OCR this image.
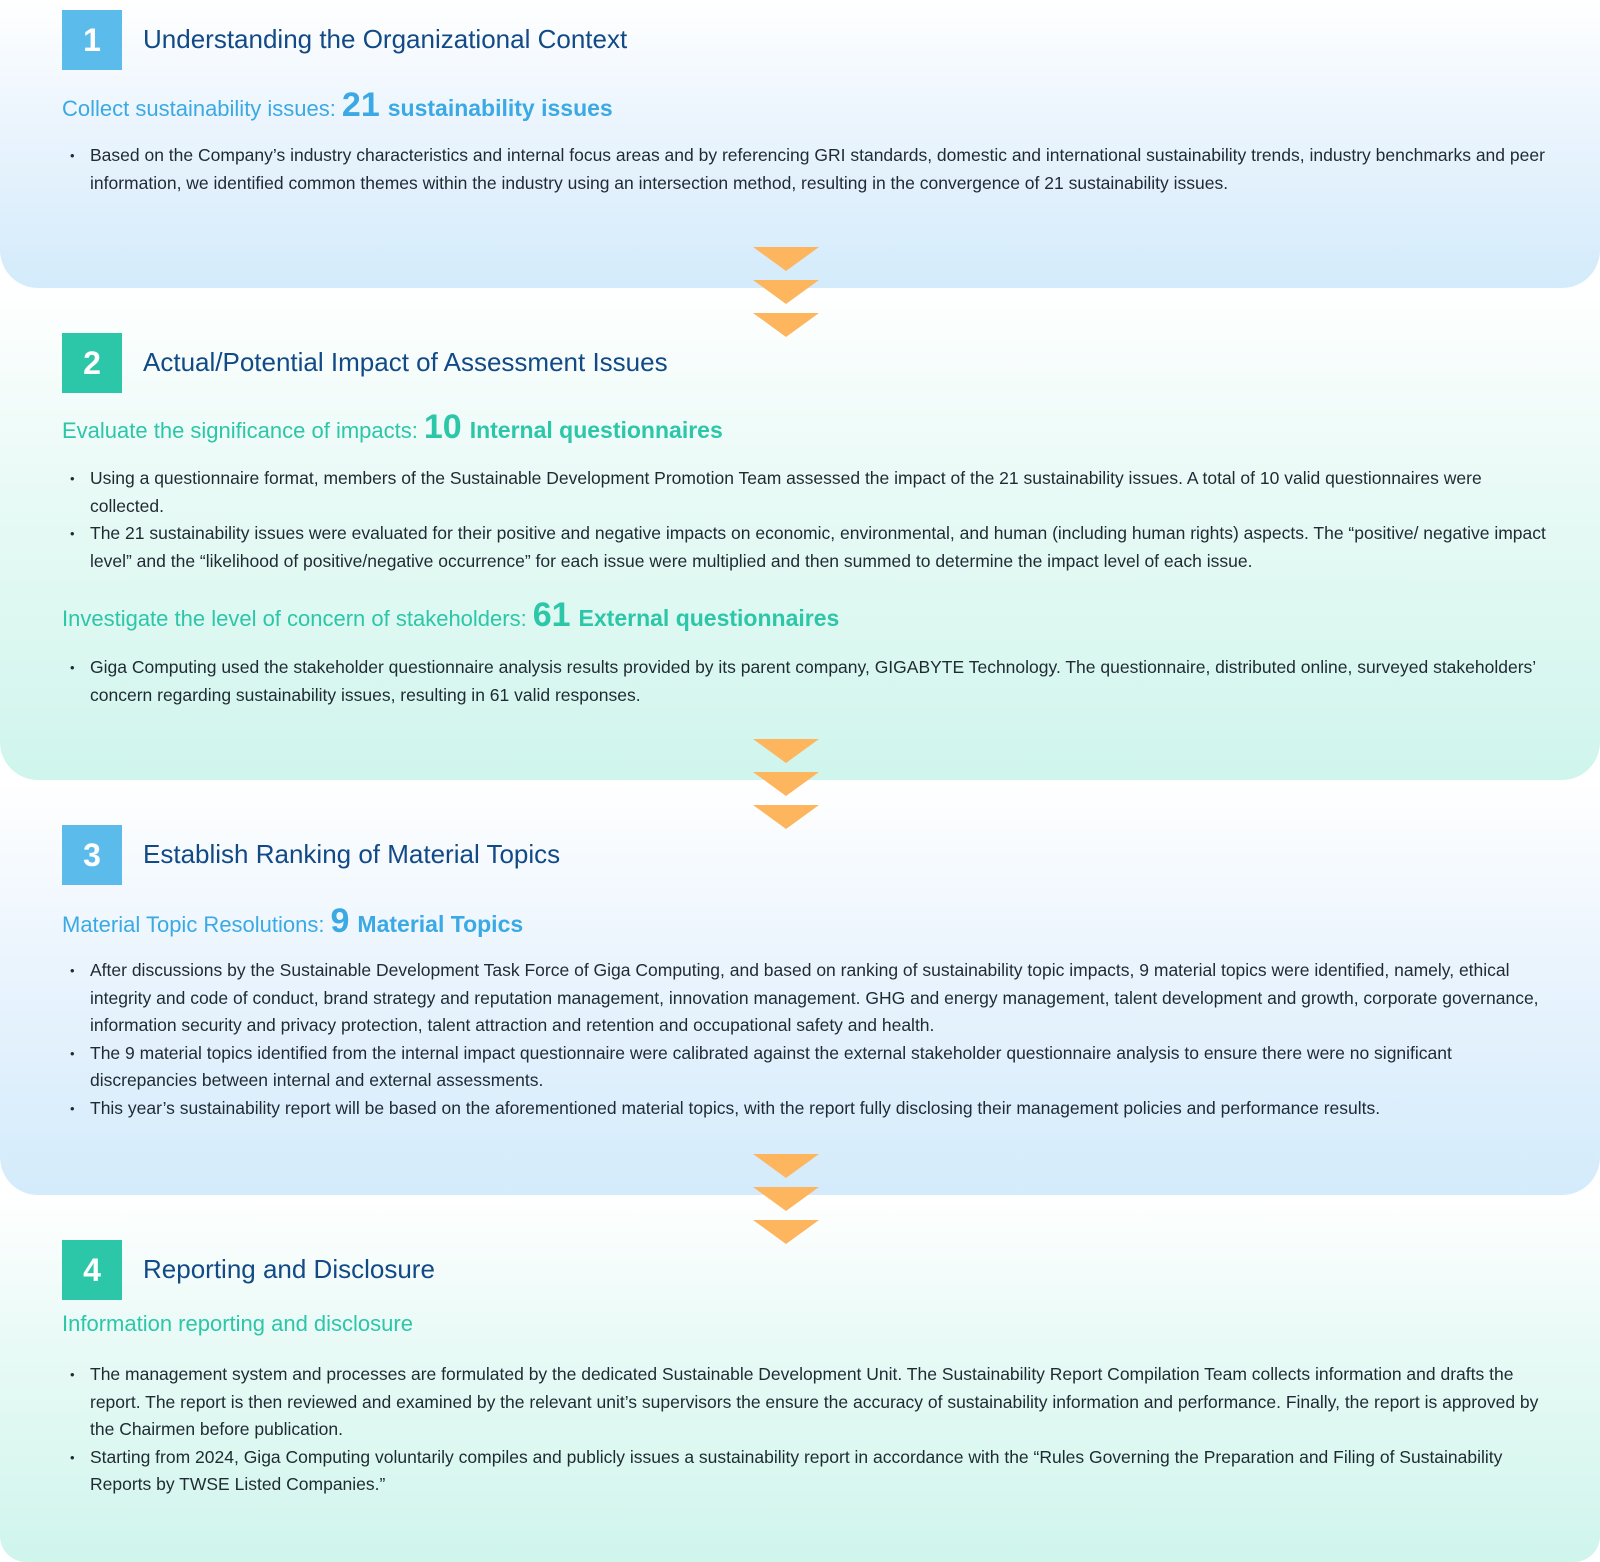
1	Understanding the Organizational Context
Collect sustainability issues: 21 sustainability issues
• Based on the Company’s industry characteristics and internal focus areas and by referencing GRI standards, domestic and international sustainability trends, industry benchmarks and peer information, we identified common themes within the industry using an intersection method, resulting in the convergence of 21 sustainability issues.
2	Actual/Potential Impact of Assessment Issues
Evaluate the significance of impacts: 10 Internal questionnaires
• Using a questionnaire format, members of the Sustainable Development Promotion Team assessed the impact of the 21 sustainability issues. A total of 10 valid questionnaires were collected.
• The 21 sustainability issues were evaluated for their positive and negative impacts on economic, environmental, and human (including human rights) aspects. The “positive/ negative impact level” and the “likelihood of positive/negative occurrence” for each issue were multiplied and then summed to determine the impact level of each issue.
Investigate the level of concern of stakeholders: 61 External questionnaires
• Giga Computing used the stakeholder questionnaire analysis results provided by its parent company, GIGABYTE Technology. The questionnaire, distributed online, surveyed stakeholders’ concern regarding sustainability issues, resulting in 61 valid responses.
3	Establish Ranking of Material Topics
Material Topic Resolutions: 9 Material Topics
• After discussions by the Sustainable Development Task Force of Giga Computing, and based on ranking of sustainability topic impacts, 9 material topics were identified, namely, ethical integrity and code of conduct, brand strategy and reputation management, innovation management. GHG and energy management, talent development and growth, corporate governance, information security and privacy protection, talent attraction and retention and occupational safety and health.
• The 9 material topics identified from the internal impact questionnaire were calibrated against the external stakeholder questionnaire analysis to ensure there were no significant discrepancies between internal and external assessments.
• This year’s sustainability report will be based on the aforementioned material topics, with the report fully disclosing their management policies and performance results.
4	Reporting and Disclosure
Information reporting and disclosure
• The management system and processes are formulated by the dedicated Sustainable Development Unit. The Sustainability Report Compilation Team collects information and drafts the report. The report is then reviewed and examined by the relevant unit’s supervisors the ensure the accuracy of sustainability information and performance. Finally, the report is approved by the Chairmen before publication.
• Starting from 2024, Giga Computing voluntarily compiles and publicly issues a sustainability report in accordance with the “Rules Governing the Preparation and Filing of Sustainability Reports by TWSE Listed Companies.”
